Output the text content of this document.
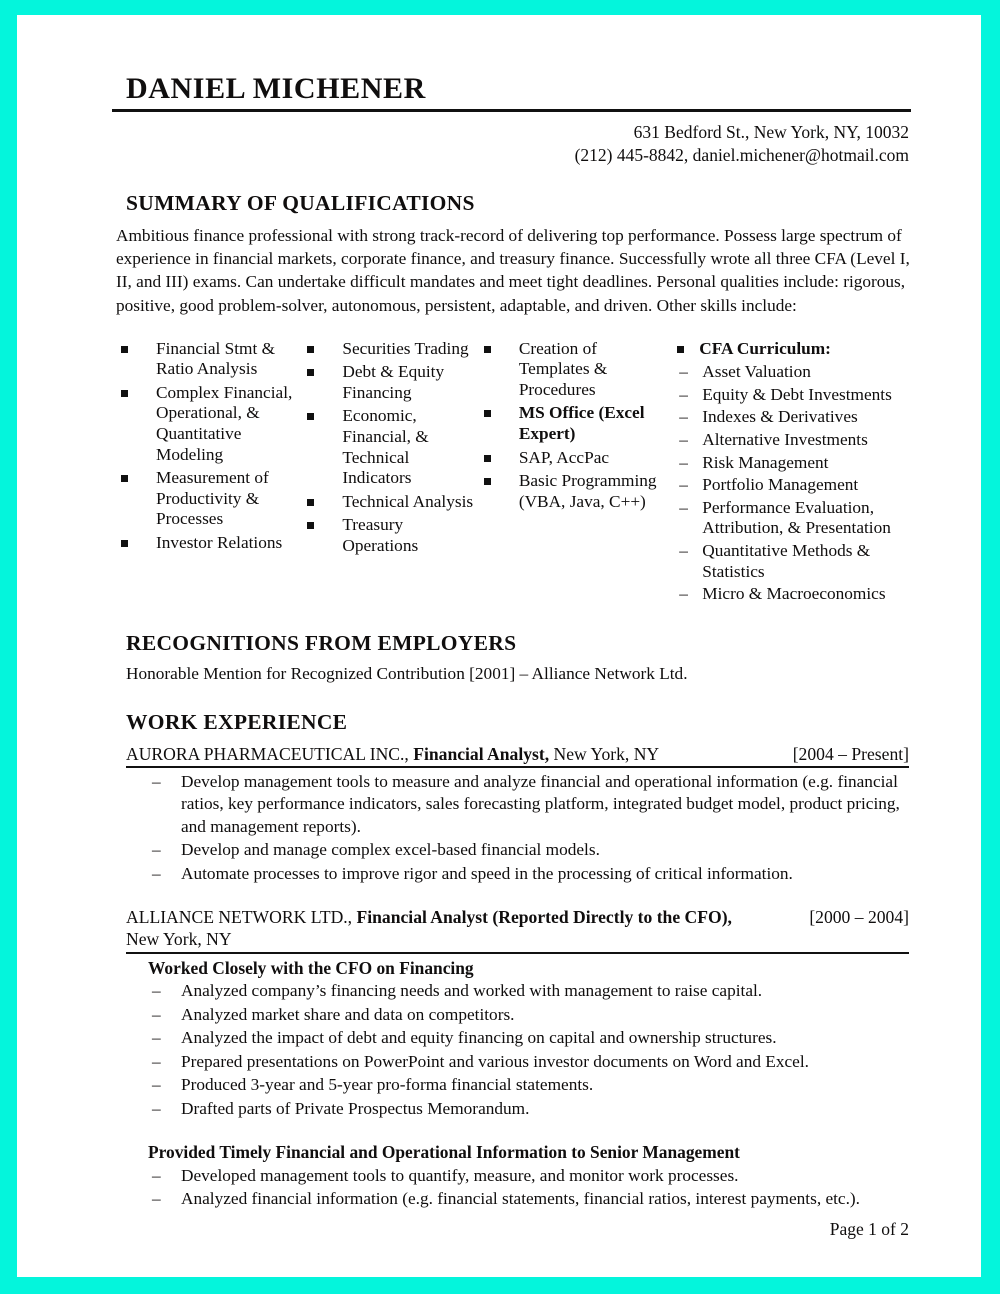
DANIEL MICHENER
631 Bedford St., New York, NY, 10032
(212) 445-8842, daniel.michener@hotmail.com
SUMMARY OF QUALIFICATIONS

Ambitious finance professional with strong track-record of delivering top performance. Possess large spectrum of experience in financial markets, corporate finance, and treasury finance. Successfully wrote all three CFA (Level I, II, and III) exams. Can undertake difficult mandates and meet tight deadlines. Personal qualities include: rigorous, positive, good problem-solver, autonomous, persistent, adaptable, and driven. Other skills include:

Financial Stmt & Ratio Analysis
Complex Financial, Operational, & Quantitative Modeling
Measurement of Productivity & Processes
Investor Relations
Securities Trading
Debt & Equity Financing
Economic, Financial, & Technical Indicators
Technical Analysis
Treasury Operations
Creation of Templates & Procedures
MS Office (Excel Expert)
SAP, AccPac
Basic Programming (VBA, Java, C++)
CFA Curriculum:
– Asset Valuation
– Equity & Debt Investments
– Indexes & Derivatives
– Alternative Investments
– Risk Management
– Portfolio Management
– Performance Evaluation, Attribution, & Presentation
– Quantitative Methods & Statistics
– Micro & Macroeconomics
RECOGNITIONS FROM EMPLOYERS
Honorable Mention for Recognized Contribution [2001] – Alliance Network Ltd.
WORK EXPERIENCE
AURORA PHARMACEUTICAL INC., Financial Analyst, New York, NY	[2004 – Present]
– Develop management tools to measure and analyze financial and operational information (e.g. financial ratios, key performance indicators, sales forecasting platform, integrated budget model, product pricing, and management reports).
– Develop and manage complex excel-based financial models.
– Automate processes to improve rigor and speed in the processing of critical information.
ALLIANCE NETWORK LTD., Financial Analyst (Reported Directly to the CFO),
New York, NY
[2000 – 2004]
Worked Closely with the CFO on Financing
– Analyzed company’s financing needs and worked with management to raise capital.
– Analyzed market share and data on competitors.
– Analyzed the impact of debt and equity financing on capital and ownership structures.
– Prepared presentations on PowerPoint and various investor documents on Word and Excel.
– Produced 3-year and 5-year pro-forma financial statements.
– Drafted parts of Private Prospectus Memorandum.
Provided Timely Financial and Operational Information to Senior Management
– Developed management tools to quantify, measure, and monitor work processes.
– Analyzed financial information (e.g. financial statements, financial ratios, interest payments, etc.).
Page 1 of 2
